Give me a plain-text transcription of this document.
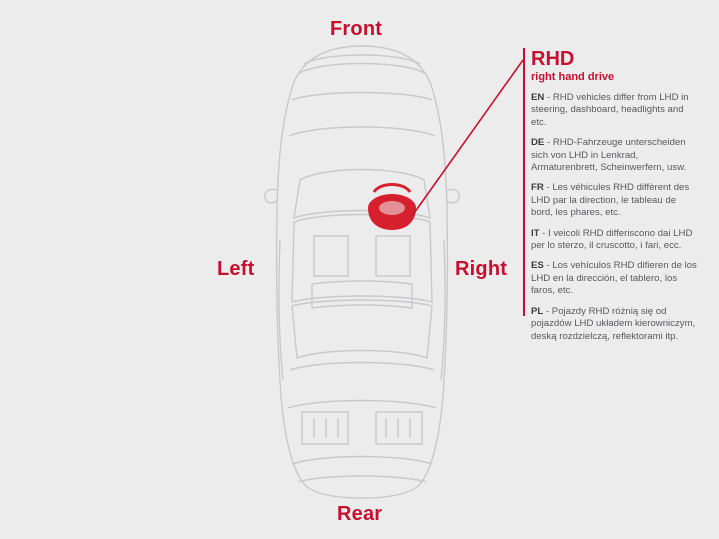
Front
Rear
Left	Right
RHD
right hand drive
EN - RHD vehicles differ from LHD in steering, dashboard, headlights and etc.
DE - RHD-Fahrzeuge unterscheiden sich von LHD in Lenkrad, Armaturenbrett, Scheinwerfern, usw.
FR - Les véhicules RHD diffèrent des LHD par la direction, le tableau de bord, les phares, etc.
IT - I veicoli RHD differiscono dai LHD per lo sterzo, il cruscotto, i fari, ecc.
ES - Los vehículos RHD difieren de los LHD en la dirección, el tablero, los faros, etc.
PL - Pojazdy RHD różnią się od pojazdów LHD układem kierowniczym, deską rozdzielczą, reflektorami itp.
